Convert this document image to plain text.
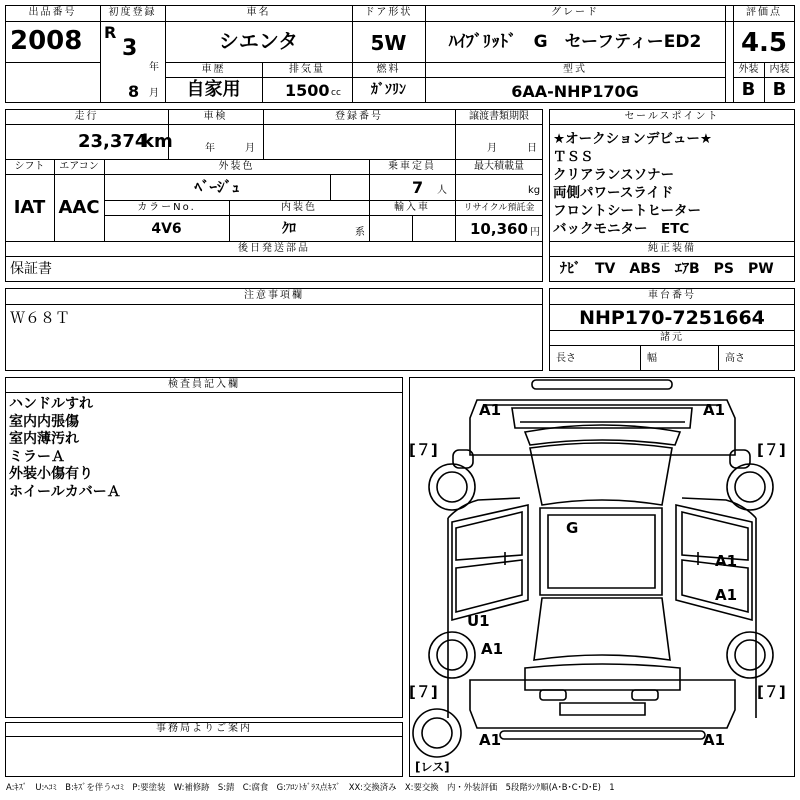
出品番号
2008
初度登録
R
3
年
8 月
車名
シエンタ
車歴
自家用
排気量
1500 cc
ドア形状
5W
燃料
ｶﾞｿﾘﾝ
グレード
ﾊｲﾌﾞﾘｯﾄﾞ　G　セーフティーED2
型式
6AA-NHP170G
評価点
4.5
外装	内装
B B
走行
23,374
km
車検
年	月
登録番号	譲渡書類期限
月	日
シフト
IAT
エアコン
AAC
外装色
ﾍﾞｰｼﾞｭ
乗車定員
7 人
最大積載量
kg
カラーNo.
4V6
内装色
ｸﾛ	系
輸入車	リサイクル預託金
10,360 円
後日発送部品
保証書
セールスポイント
★オークションデビュー★
ＴＳＳ
クリアランスソナー
両側パワースライド
フロントシートヒーター
バックモニター　ETC
純正装備
ﾅﾋﾞ　TV　ABS　ｴｱB　PS　PW
注意事項欄
Ｗ６８Ｔ
車台番号
NHP170-7251664
諸元
長さ	幅	高さ
検査員記入欄
ハンドルすれ
室内内張傷
室内薄汚れ
ミラーＡ
外装小傷有り
ホイールカバーＡ
事務局よりご案内
A1	A1
[７]	[７]
G
A1
A1
U1
A1
[７]	[７]
A1	A1
[レス]
A:ｷｽﾞ　U:ﾍｺﾐ　B:ｷｽﾞを伴うﾍｺﾐ　P:要塗装　W:補修跡　S:錆　C:腐食　G:ﾌﾛﾝﾄｶﾞﾗｽ点ｷｽﾞ　XX:交換済み　X:要交換　内・外装評価　5段階ﾗﾝｸ順(A･B･C･D･E)　1
